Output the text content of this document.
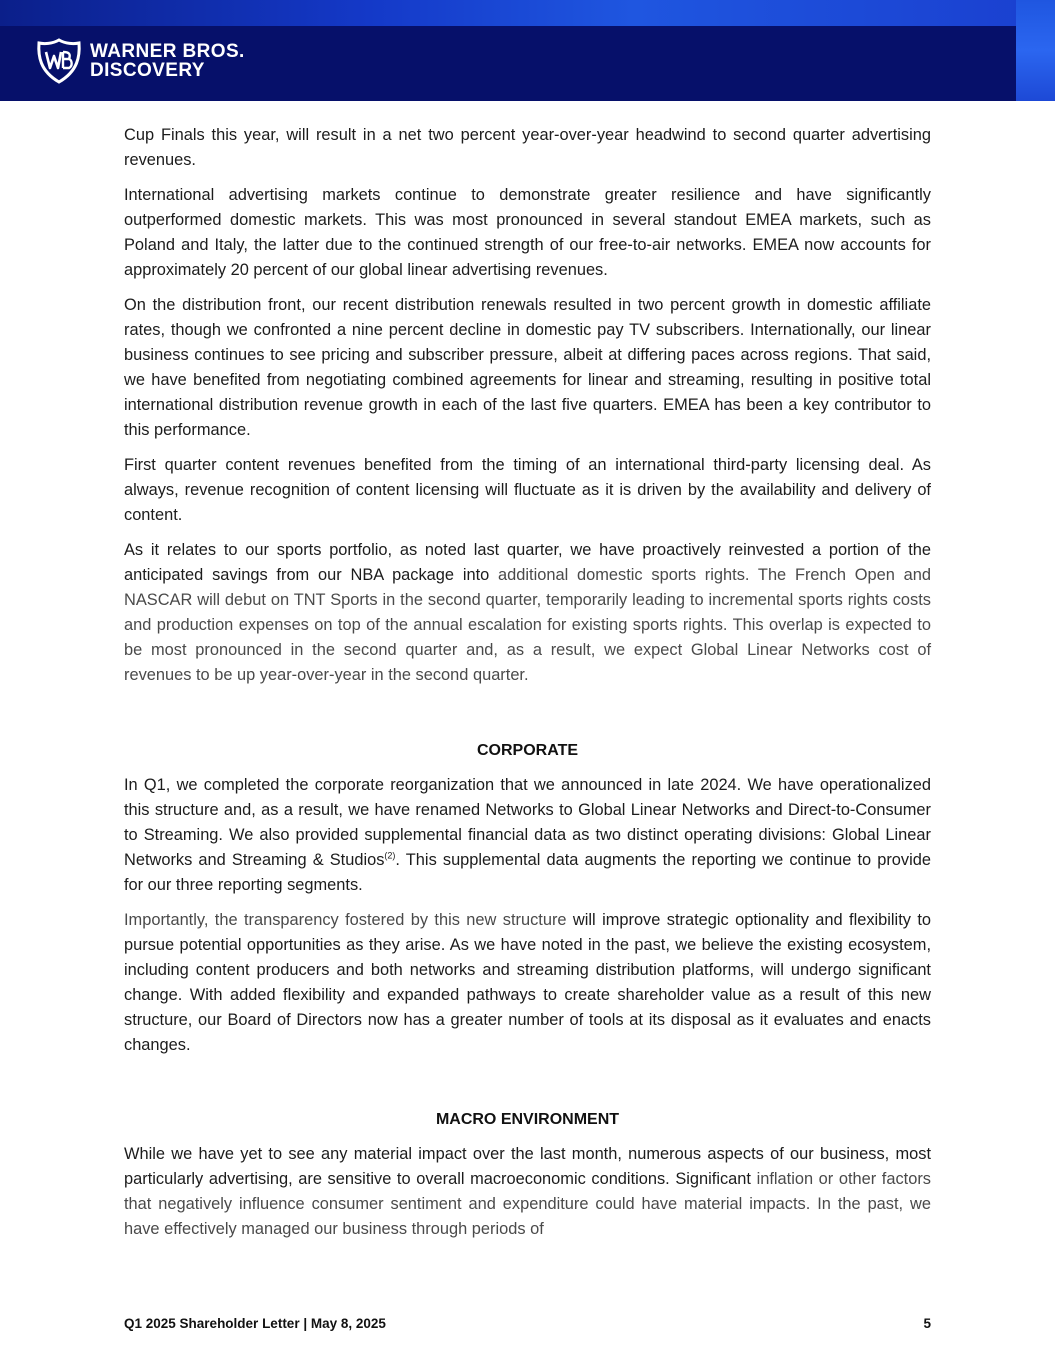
WARNER BROS.
DISCOVERY

Cup Finals this year, will result in a net two percent year-over-year headwind to second quarter advertising revenues.

International advertising markets continue to demonstrate greater resilience and have significantly outperformed domestic markets. This was most pronounced in several standout EMEA markets, such as Poland and Italy, the latter due to the continued strength of our free-to-air networks. EMEA now accounts for approximately 20 percent of our global linear advertising revenues.

On the distribution front, our recent distribution renewals resulted in two percent growth in domestic affiliate rates, though we confronted a nine percent decline in domestic pay TV subscribers. Internationally, our linear business continues to see pricing and subscriber pressure, albeit at differing paces across regions. That said, we have benefited from negotiating combined agreements for linear and streaming, resulting in positive total international distribution revenue growth in each of the last five quarters. EMEA has been a key contributor to this performance.

First quarter content revenues benefited from the timing of an international third-party licensing deal. As always, revenue recognition of content licensing will fluctuate as it is driven by the availability and delivery of content.

As it relates to our sports portfolio, as noted last quarter, we have proactively reinvested a portion of the anticipated savings from our NBA package into additional domestic sports rights. The French Open and NASCAR will debut on TNT Sports in the second quarter, temporarily leading to incremental sports rights costs and production expenses on top of the annual escalation for existing sports rights. This overlap is expected to be most pronounced in the second quarter and, as a result, we expect Global Linear Networks cost of revenues to be up year-over-year in the second quarter.

CORPORATE

In Q1, we completed the corporate reorganization that we announced in late 2024. We have operationalized this structure and, as a result, we have renamed Networks to Global Linear Networks and Direct-to-Consumer to Streaming. We also provided supplemental financial data as two distinct operating divisions: Global Linear Networks and Streaming & Studios$^{(2)}$. This supplemental data augments the reporting we continue to provide for our three reporting segments.

Importantly, the transparency fostered by this new structure will improve strategic optionality and flexibility to pursue potential opportunities as they arise. As we have noted in the past, we believe the existing ecosystem, including content producers and both networks and streaming distribution platforms, will undergo significant change. With added flexibility and expanded pathways to create shareholder value as a result of this new structure, our Board of Directors now has a greater number of tools at its disposal as it evaluates and enacts changes.

MACRO ENVIRONMENT

While we have yet to see any material impact over the last month, numerous aspects of our business, most particularly advertising, are sensitive to overall macroeconomic conditions. Significant inflation or other factors that negatively influence consumer sentiment and expenditure could have material impacts. In the past, we have effectively managed our business through periods of

Q1 2025 Shareholder Letter | May 8, 2025	5
